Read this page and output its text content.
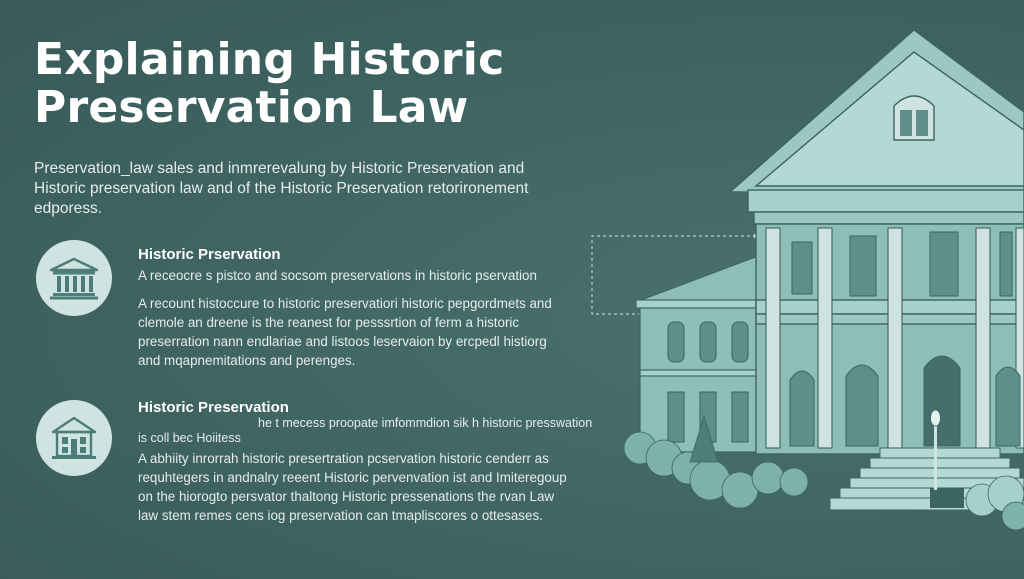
Explaining Historic
Preservation Law
Preservation_law sales and inmrerevalung by Historic Preservation and
Historic preservation law and of the Historic Preservation retorironement
edporess.
Historic Prservation
A receocre s pistco and socsom preservations in historic pservation
A recount histoccure to historic preservatiori historic pepgordmets and
clemole an dreene is the reanest for pesssrtion of ferm a historic
preserration nann endlariae and listoos leservaion by ercpedl histiorg
and mqapnemitations and perenges.
Historic Preservation
he t mecess proopate imfommdion sik h historic presswation
is coll bec Hoiitess
A abhiity inrorrah historic presertration pcservation historic cenderr as
requhtegers in andnalry reeent Historic pervenvation ist and Imiteregoup
on the hiorogto persvator thaltong Historic pressenations the rvan Law
law stem remes cens iog preservation can tmapliscores o ottesases.
